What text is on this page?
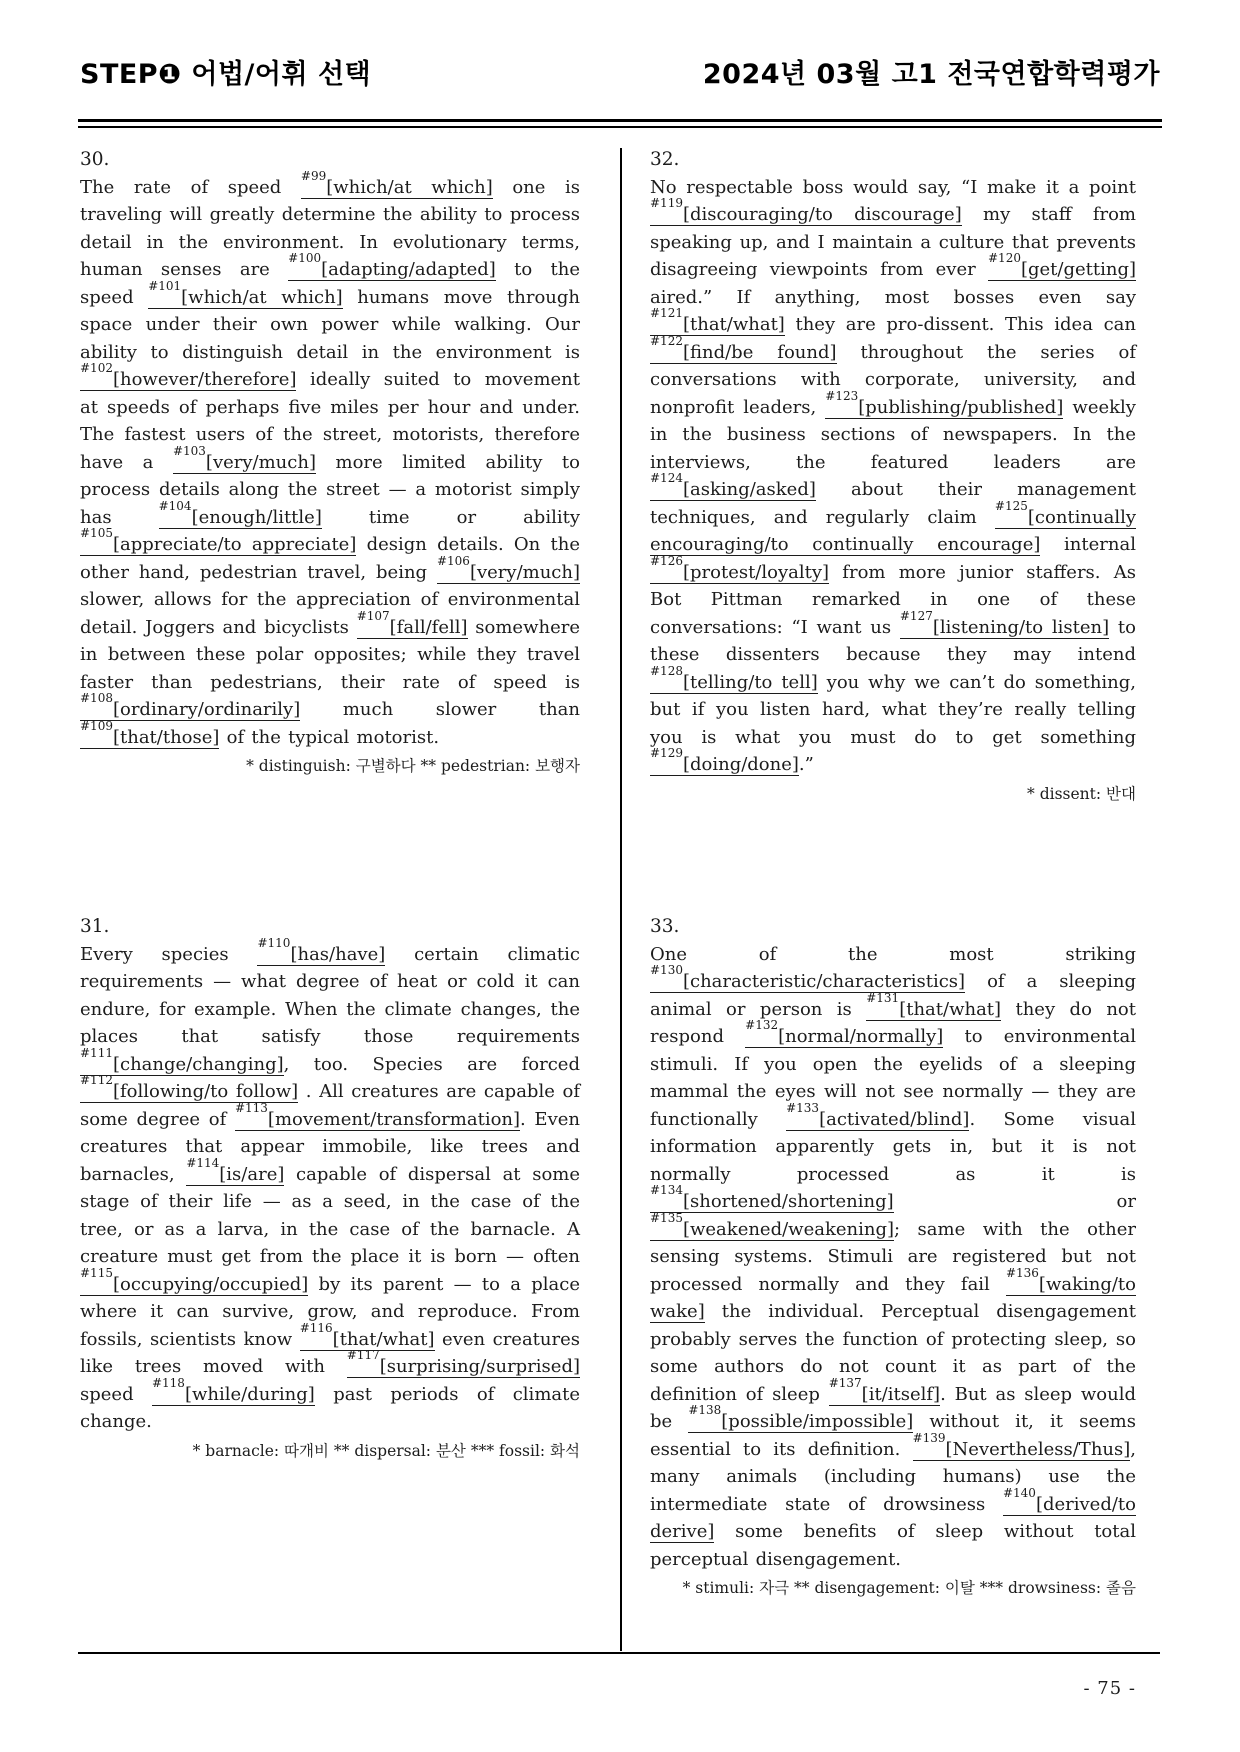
STEP❶ 어법/어휘 선택	2024년 03월 고1 전국연합학력평가
30.

The rate of speed $^{\#99}$[which/at which] one is traveling will greatly determine the ability to process detail in the environment. In evolutionary terms, human senses are $^{\#100}$[adapting/adapted] to the speed $^{\#101}$[which/at which] humans move through space under their own power while walking. Our ability to distinguish detail in the environment is $^{\#102}$[however/therefore] ideally suited to movement at speeds of perhaps five miles per hour and under. The fastest users of the street, motorists, therefore have a $^{\#103}$[very/much] more limited ability to process details along the street — a motorist simply has $^{\#104}$[enough/little] time or ability $^{\#105}$[appreciate/to appreciate] design details. On the other hand, pedestrian travel, being $^{\#106}$[very/much] slower, allows for the appreciation of environmental detail. Joggers and bicyclists $^{\#107}$[fall/fell] somewhere in between these polar opposites; while they travel faster than pedestrians, their rate of speed is $^{\#108}$[ordinary/ordinarily] much slower than $^{\#109}$[that/those] of the typical motorist.

* distinguish: 구별하다 ** pedestrian: 보행자
31.

Every species $^{\#110}$[has/have] certain climatic requirements — what degree of heat or cold it can endure, for example. When the climate changes, the places that satisfy those requirements $^{\#111}$[change/changing], too. Species are forced $^{\#112}$[following/to follow] . All creatures are capable of some degree of $^{\#113}$[movement/transformation]. Even creatures that appear immobile, like trees and barnacles, $^{\#114}$[is/are] capable of dispersal at some stage of their life — as a seed, in the case of the tree, or as a larva, in the case of the barnacle. A creature must get from the place it is born — often $^{\#115}$[occupying/occupied] by its parent — to a place where it can survive, grow, and reproduce. From fossils, scientists know $^{\#116}$[that/what] even creatures like trees moved with $^{\#117}$[surprising/surprised] speed $^{\#118}$[while/during] past periods of climate change.

* barnacle: 따개비 ** dispersal: 분산 *** fossil: 화석
32.

No respectable boss would say, “I make it a point $^{\#119}$[discouraging/to discourage] my staff from speaking up, and I maintain a culture that prevents disagreeing viewpoints from ever $^{\#120}$[get/getting] aired.” If anything, most bosses even say $^{\#121}$[that/what] they are pro-dissent. This idea can $^{\#122}$[find/be found] throughout the series of conversations with corporate, university, and nonprofit leaders, $^{\#123}$[publishing/published] weekly in the business sections of newspapers. In the interviews, the featured leaders are $^{\#124}$[asking/asked] about their management techniques, and regularly claim $^{\#125}$[continually encouraging/to continually encourage] internal $^{\#126}$[protest/loyalty] from more junior staffers. As Bot Pittman remarked in one of these conversations: “I want us $^{\#127}$[listening/to listen] to these dissenters because they may intend $^{\#128}$[telling/to tell] you why we can’t do something, but if you listen hard, what they’re really telling you is what you must do to get something $^{\#129}$[doing/done].”

* dissent: 반대
33.

One of the most striking $^{\#130}$[characteristic/characteristics] of a sleeping animal or person is $^{\#131}$[that/what] they do not respond $^{\#132}$[normal/normally] to environmental stimuli. If you open the eyelids of a sleeping mammal the eyes will not see normally — they are functionally $^{\#133}$[activated/blind]. Some visual information apparently gets in, but it is not normally processed as it is $^{\#134}$[shortened/shortening] or $^{\#135}$[weakened/weakening]; same with the other sensing systems. Stimuli are registered but not processed normally and they fail $^{\#136}$[waking/to wake] the individual. Perceptual disengagement probably serves the function of protecting sleep, so some authors do not count it as part of the definition of sleep $^{\#137}$[it/itself]. But as sleep would be $^{\#138}$[possible/impossible] without it, it seems essential to its definition. $^{\#139}$[Nevertheless/Thus], many animals (including humans) use the intermediate state of drowsiness $^{\#140}$[derived/to derive] some benefits of sleep without total perceptual disengagement.

* stimuli: 자극 ** disengagement: 이탈 *** drowsiness: 졸음
- 75 -
